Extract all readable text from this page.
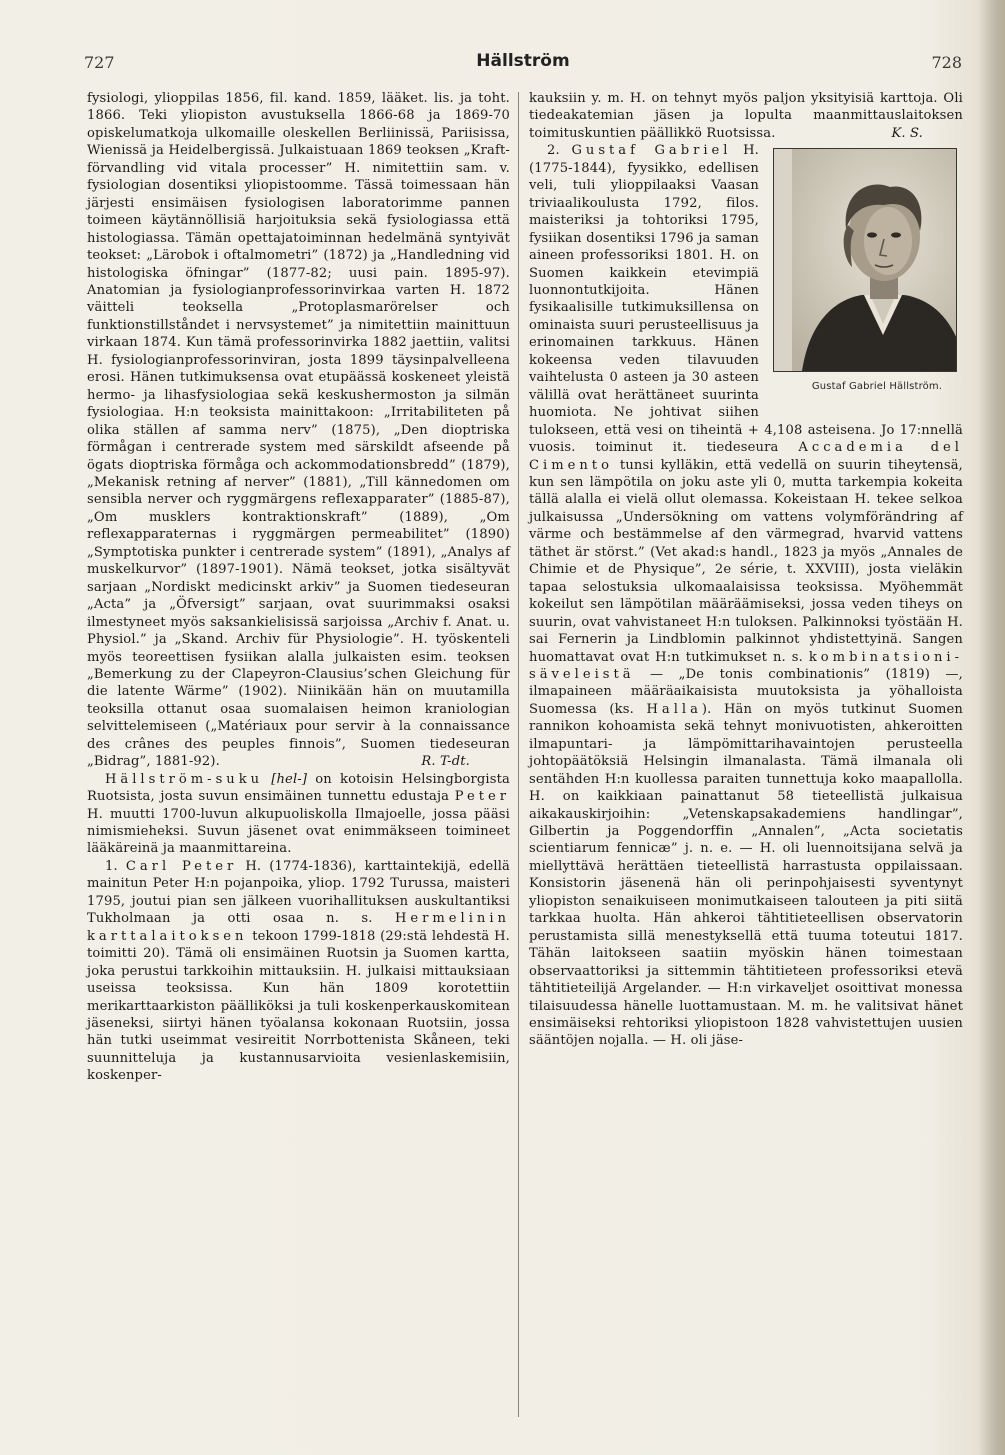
727	Hällström	728

fysiologi, ylioppilas 1856, fil. kand. 1859, lääket. lis. ja toht. 1866. Teki yliopiston avustuksella 1866-68 ja 1869-70 opiskelumatkoja ulkomaille oleskellen Berliinissä, Pariisissa, Wienissä ja Heidelbergissä. Julkaistuaan 1869 teoksen „Kraft-förvandling vid vitala processer” H. nimitettiin sam. v. fysiologian dosentiksi yliopistoomme. Tässä toimessaan hän järjesti ensimäisen fysiologisen laboratorimme pannen toimeen käytännöllisiä harjoituksia sekä fysiologiassa että histologiassa. Tämän opettajatoiminnan hedelmänä syntyivät teokset: „Lärobok i oftalmometri” (1872) ja „Handledning vid histologiska öfningar” (1877-82; uusi pain. 1895-97). Anatomian ja fysiologianprofessorinvirkaa varten H. 1872 väitteli teoksella „Protoplasmarörelser och funktionstillståndet i nervsystemet” ja nimitettiin mainittuun virkaan 1874. Kun tämä professorinvirka 1882 jaettiin, valitsi H. fysiologianprofessorinviran, josta 1899 täysinpalvelleena erosi. Hänen tutkimuksensa ovat etupäässä koskeneet yleistä hermo- ja lihasfysiologiaa sekä keskushermoston ja silmän fysiologiaa. H:n teoksista mainittakoon: „Irritabiliteten på olika ställen af samma nerv” (1875), „Den dioptriska förmågan i centrerade system med särskildt afseende på ögats dioptriska förmåga och ackommodationsbredd” (1879), „Mekanisk retning af nerver” (1881), „Till kännedomen om sensibla nerver och ryggmärgens reflexapparater” (1885-87), „Om musklers kontraktionskraft” (1889), „Om reflexapparaternas i ryggmärgen permeabilitet” (1890) „Symptotiska punkter i centrerade system” (1891), „Analys af muskelkurvor” (1897-1901). Nämä teokset, jotka sisältyvät sarjaan „Nordiskt medicinskt arkiv” ja Suomen tiedeseuran „Acta” ja „Öfversigt” sarjaan, ovat suurimmaksi osaksi ilmestyneet myös saksankielisissä sarjoissa „Archiv f. Anat. u. Physiol.” ja „Skand. Archiv für Physiologie”. H. työskenteli myös teoreettisen fysiikan alalla julkaisten esim. teoksen „Bemerkung zu der Clapeyron-Clausius’schen Gleichung für die latente Wärme” (1902). Niinikään hän on muutamilla teoksilla ottanut osaa suomalaisen heimon kraniologian selvittelemiseen („Matériaux pour servir à la connaissance des crânes des peuples finnois”, Suomen tiedeseuran „Bidrag”, 1881-92).	R. T-dt.

Hällström-suku [hel-] on kotoisin Helsingborgista Ruotsista, josta suvun ensimäinen tunnettu edustaja Peter H. muutti 1700-luvun alkupuoliskolla Ilmajoelle, jossa pääsi nimismieheksi. Suvun jäsenet ovat enimmäkseen toimineet lääkäreinä ja maanmittareina.

1. Carl Peter H. (1774-1836), karttaintekijä, edellä mainitun Peter H:n pojanpoika, yliop. 1792 Turussa, maisteri 1795, joutui pian sen jälkeen vuorihallituksen auskultantiksi Tukholmaan ja otti osaa n. s. Hermelinin karttalaitoksen tekoon 1799-1818 (29:stä lehdestä H. toimitti 20). Tämä oli ensimäinen Ruotsin ja Suomen kartta, joka perustui tarkkoihin mittauksiin. H. julkaisi mittauksiaan useissa teoksissa. Kun hän 1809 korotettiin merikarttaarkiston päälliköksi ja tuli koskenperkauskomitean jäseneksi, siirtyi hänen työalansa kokonaan Ruotsiin, jossa hän tutki useimmat vesireitit Norrbottenista Skåneen, teki suunnitteluja ja kustannusarvioita vesienlaskemisiin, koskenper-

kauksiin y. m. H. on tehnyt myös paljon yksityisiä karttoja. Oli tiedeakatemian jäsen ja lopulta maanmittauslaitoksen toimituskuntien päällikkö Ruotsissa.	K. S.

Gustaf Gabriel Hällström.
2. Gustaf Gabriel H. (1775-1844), fyysikko, edellisen veli, tuli ylioppilaaksi Vaasan triviaalikoulusta 1792, filos. maisteriksi ja tohtoriksi 1795, fysiikan dosentiksi 1796 ja saman aineen professoriksi 1801. H. on Suomen kaikkein etevimpiä luonnontutkijoita. Hänen fysikaalisille tutkimuksillensa on ominaista suuri perusteellisuus ja erinomainen tarkkuus. Hänen kokeensa veden tilavuuden vaihtelusta 0 asteen ja 30 asteen välillä ovat herättäneet suurinta huomiota. Ne johtivat siihen tulokseen, että vesi on tiheintä + 4,108 asteisena. Jo 17:nnellä vuosis. toiminut it. tiedeseura Accademia del Cimento tunsi kylläkin, että vedellä on suurin tiheytensä, kun sen lämpötila on joku aste yli 0, mutta tarkempia kokeita tällä alalla ei vielä ollut olemassa. Kokeistaan H. tekee selkoa julkaisussa „Undersökning om vattens volymförändring af värme och bestämmelse af den värmegrad, hvarvid vattens täthet är störst.” (Vet akad:s handl., 1823 ja myös „Annales de Chimie et de Physique”, 2e série, t. XXVIII), josta vieläkin tapaa selostuksia ulkomaalaisissa teoksissa. Myöhemmät kokeilut sen lämpötilan määräämiseksi, jossa veden tiheys on suurin, ovat vahvistaneet H:n tuloksen. Palkinnoksi työstään H. sai Fernerin ja Lindblomin palkinnot yhdistettyinä. Sangen huomattavat ovat H:n tutkimukset n. s. kombinatsioni-säveleistä — „De tonis combinationis” (1819) —, ilmapaineen määräaikaisista muutoksista ja yöhalloista Suomessa (ks. Halla). Hän on myös tutkinut Suomen rannikon kohoamista sekä tehnyt monivuotisten, ahkeroitten ilmapuntari- ja lämpömittarihavaintojen perusteella johtopäätöksiä Helsingin ilmanalasta. Tämä ilmanala oli sentähden H:n kuollessa paraiten tunnettuja koko maapallolla. H. on kaikkiaan painattanut 58 tieteellistä julkaisua aikakauskirjoihin: „Vetenskapsakademiens handlingar”, Gilbertin ja Poggendorffin „Annalen”, „Acta societatis scientiarum fennicæ” j. n. e. — H. oli luennoitsijana selvä ja miellyttävä herättäen tieteellistä harrastusta oppilaissaan. Konsistorin jäsenenä hän oli perinpohjaisesti syventynyt yliopiston senaikuiseen monimutkaiseen talouteen ja piti siitä tarkkaa huolta. Hän ahkeroi tähtitieteellisen observatorin perustamista sillä menestyksellä että tuuma toteutui 1817. Tähän laitokseen saatiin myöskin hänen toimestaan observaattoriksi ja sittemmin tähtitieteen professoriksi etevä tähtitieteilijä Argelander. — H:n virkaveljet osoittivat monessa tilaisuudessa hänelle luottamustaan. M. m. he valitsivat hänet ensimäiseksi rehtoriksi yliopistoon 1828 vahvistettujen uusien sääntöjen nojalla. — H. oli jäse-
